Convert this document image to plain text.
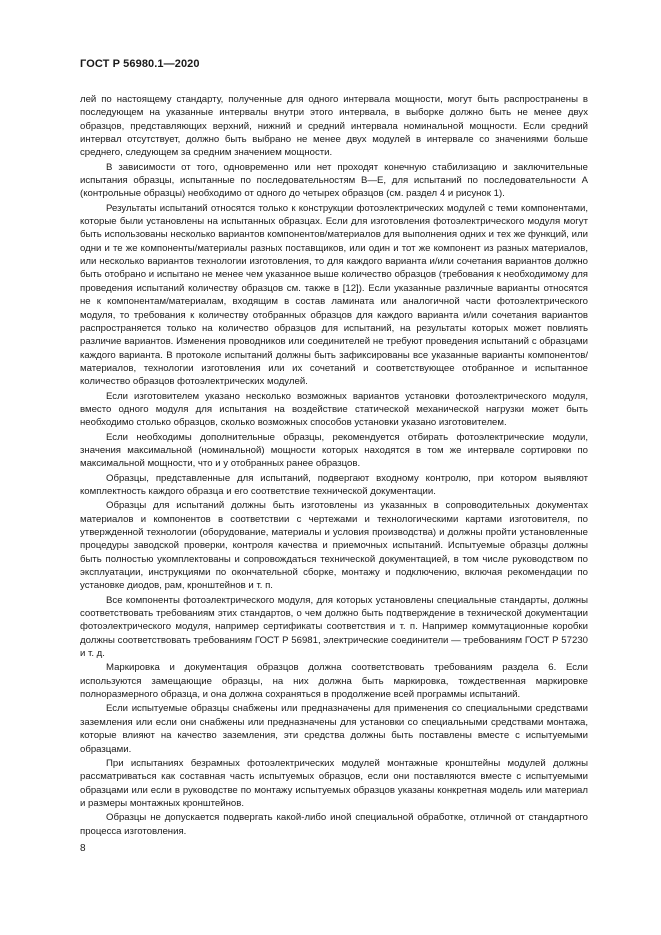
ГОСТ Р 56980.1—2020

лей по настоящему стандарту, полученные для одного интервала мощности, могут быть распространены в последующем на указанные интервалы внутри этого интервала, в выборке должно быть не менее двух образцов, представляющих верхний, нижний и средний интервала номинальной мощности. Если средний интервал отсутствует, должно быть выбрано не менее двух модулей в интервале со значениями больше среднего, следующем за средним значением мощности.

В зависимости от того, одновременно или нет проходят конечную стабилизацию и заключительные испытания образцы, испытанные по последовательностям B—E, для испытаний по последовательности A (контрольные образцы) необходимо от одного до четырех образцов (см. раздел 4 и рисунок 1).

Результаты испытаний относятся только к конструкции фотоэлектрических модулей с теми компонентами, которые были установлены на испытанных образцах. Если для изготовления фотоэлектрического модуля могут быть использованы несколько вариантов компонентов/материалов для выполнения одних и тех же функций, или одни и те же компоненты/материалы разных поставщиков, или один и тот же компонент из разных материалов, или несколько вариантов технологии изготовления, то для каждого варианта и/или сочетания вариантов должно быть отобрано и испытано не менее чем указанное выше количество образцов (требования к необходимому для проведения испытаний количеству образцов см. также в [12]). Если указанные различные варианты относятся не к компонентам/материалам, входящим в состав ламината или аналогичной части фотоэлектрического модуля, то требования к количеству отобранных образцов для каждого варианта и/или сочетания вариантов распространяется только на количество образцов для испытаний, на результаты которых может повлиять различие вариантов. Изменения проводников или соединителей не требуют проведения испытаний с образцами каждого варианта. В протоколе испытаний должны быть зафиксированы все указанные варианты компонентов/материалов, технологии изготовления или их сочетаний и соответствующее отобранное и испытанное количество образцов фотоэлектрических модулей.

Если изготовителем указано несколько возможных вариантов установки фотоэлектрического модуля, вместо одного модуля для испытания на воздействие статической механической нагрузки может быть необходимо столько образцов, сколько возможных способов установки указано изготовителем.

Если необходимы дополнительные образцы, рекомендуется отбирать фотоэлектрические модули, значения максимальной (номинальной) мощности которых находятся в том же интервале сортировки по максимальной мощности, что и у отобранных ранее образцов.

Образцы, представленные для испытаний, подвергают входному контролю, при котором выявляют комплектность каждого образца и его соответствие технической документации.

Образцы для испытаний должны быть изготовлены из указанных в сопроводительных документах материалов и компонентов в соответствии с чертежами и технологическими картами изготовителя, по утвержденной технологии (оборудование, материалы и условия производства) и должны пройти установленные процедуры заводской проверки, контроля качества и приемочных испытаний. Испытуемые образцы должны быть полностью укомплектованы и сопровождаться технической документацией, в том числе руководством по эксплуатации, инструкциями по окончательной сборке, монтажу и подключению, включая рекомендации по установке диодов, рам, кронштейнов и т. п.

Все компоненты фотоэлектрического модуля, для которых установлены специальные стандарты, должны соответствовать требованиям этих стандартов, о чем должно быть подтверждение в технической документации фотоэлектрического модуля, например сертификаты соответствия и т. п. Например коммутационные коробки должны соответствовать требованиям ГОСТ Р 56981, электрические соединители — требованиям ГОСТ Р 57230 и т. д.

Маркировка и документация образцов должна соответствовать требованиям раздела 6. Если используются замещающие образцы, на них должна быть маркировка, тождественная маркировке полноразмерного образца, и она должна сохраняться в продолжение всей программы испытаний.

Если испытуемые образцы снабжены или предназначены для применения со специальными средствами заземления или если они снабжены или предназначены для установки со специальными средствами монтажа, которые влияют на качество заземления, эти средства должны быть поставлены вместе с испытуемыми образцами.

При испытаниях безрамных фотоэлектрических модулей монтажные кронштейны модулей должны рассматриваться как составная часть испытуемых образцов, если они поставляются вместе с испытуемыми образцами или если в руководстве по монтажу испытуемых образцов указаны конкретная модель или материал и размеры монтажных кронштейнов.

Образцы не допускается подвергать какой-либо иной специальной обработке, отличной от стандартного процесса изготовления.

8
